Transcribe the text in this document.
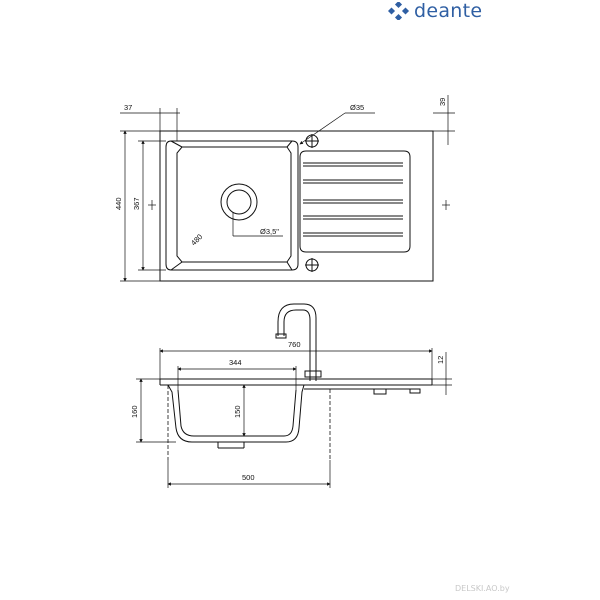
deante
37	Ø35
39
440 367
480
Ø3,5"
760
12
344
150
160
500
DELSKI.AO.by
